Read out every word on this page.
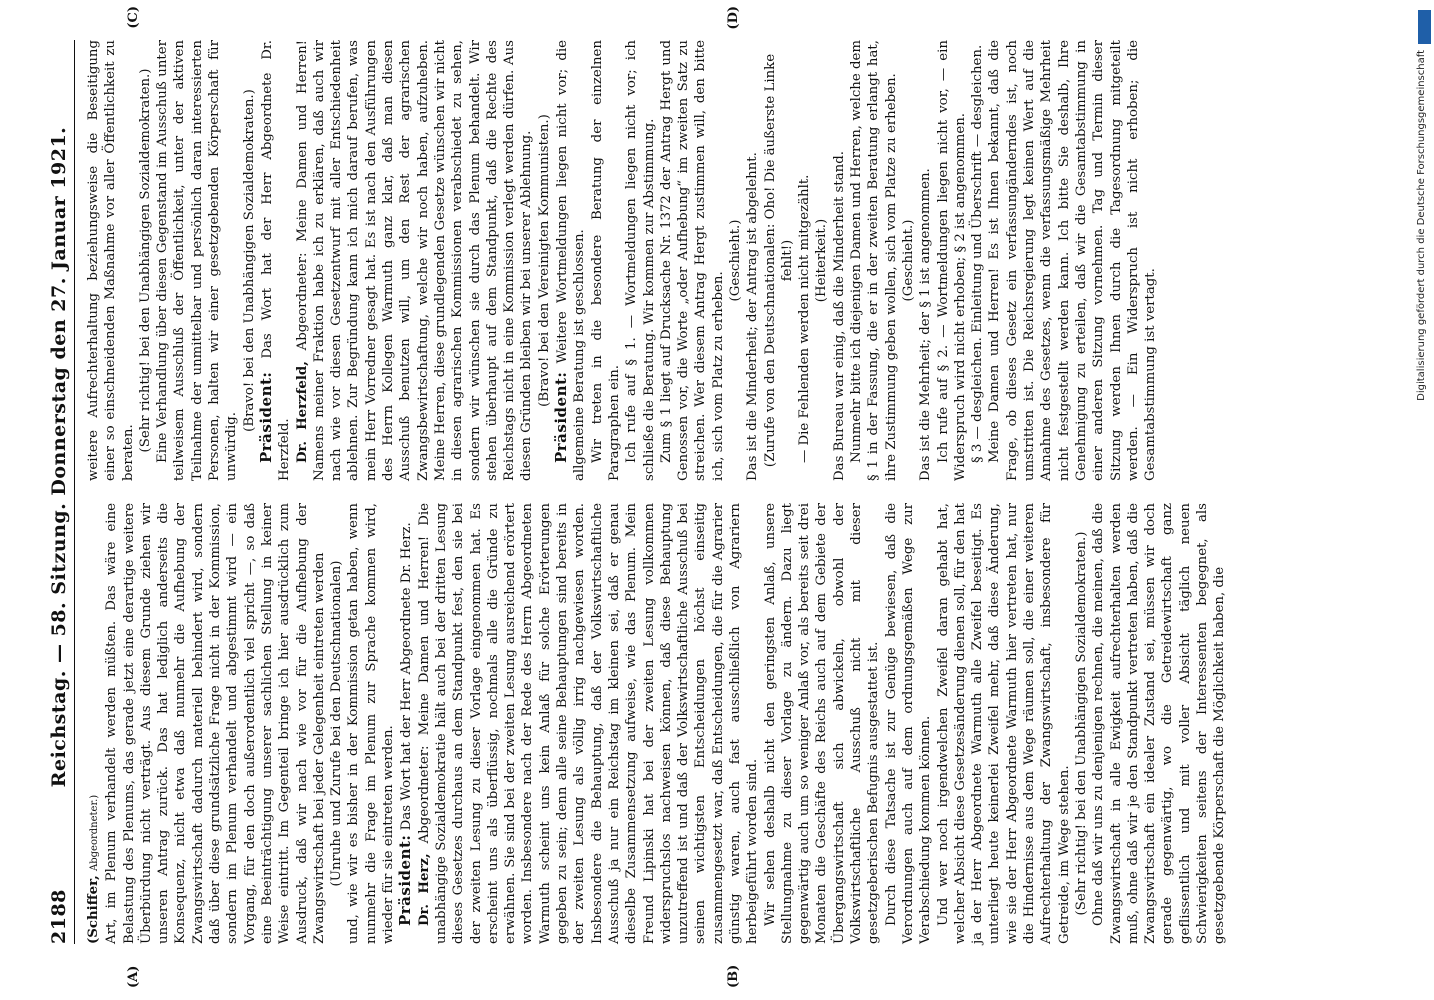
2188
Reichstag. — 58. Sitzung. Donnerstag den 27. Januar 1921.
(A)	(B)

(Schiffer, Abgeordneter.) Art, im Plenum verhandelt werden müßten. Das wäre eine Belastung des Plenums, das gerade jetzt eine derartige weitere Überbürdung nicht verträgt. Aus diesem Grunde ziehen wir unseren Antrag zurück. Das hat lediglich anderseits die Konsequenz, nicht etwa daß nunmehr die Aufhebung der Zwangswirtschaft dadurch materiell behindert wird, sondern daß über diese grundsätzliche Frage nicht in der Kommission, sondern im Plenum verhandelt und abgestimmt wird — ein Vorgang, für den doch außerordentlich viel spricht —, so daß eine Beeinträchtigung unserer sachlichen Stellung in keiner Weise eintritt. Im Gegenteil bringe ich hier ausdrücklich zum Ausdruck, daß wir nach wie vor für die Aufhebung der Zwangswirtschaft bei jeder Gelegenheit eintreten werden (Unruhe und Zurufe bei den Deutschnationalen) und, wie wir es bisher in der Kommission getan haben, wenn nunmehr die Frage im Plenum zur Sprache kommen wird, wieder für sie eintreten werden. Präsident: Das Wort hat der Herr Abgeordnete Dr. Herz.

Dr. Herz, Abgeordneter: Meine Damen und Herren! Die unabhängige Sozialdemokratie hält auch bei der dritten Lesung dieses Gesetzes durchaus an dem Standpunkt fest, den sie bei der zweiten Lesung zu dieser Vorlage eingenommen hat. Es erscheint uns als überflüssig, nochmals alle die Gründe zu erwähnen. Sie sind bei der zweiten Lesung ausreichend erörtert worden. Insbesondere nach der Rede des Herrn Abgeordneten Warmuth scheint uns kein Anlaß für solche Erörterungen gegeben zu sein; denn alle seine Behauptungen sind bereits in der zweiten Lesung als völlig irrig nachgewiesen worden. Insbesondere die Behauptung, daß der Volkswirtschaftliche Ausschuß ja nur ein Reichstag im kleinen sei, daß er genau dieselbe Zusammensetzung aufweise, wie das Plenum. Mein Freund Lipinski hat bei der zweiten Lesung vollkommen widerspruchslos nachweisen können, daß diese Behauptung unzutreffend ist und daß der Volkswirtschaftliche Ausschuß bei seinen wichtigsten Entscheidungen höchst einseitig zusammengesetzt war, daß Entscheidungen, die für die Agrarier günstig waren, auch fast ausschließlich von Agrariern herbeigeführt worden sind. Wir sehen deshalb nicht den geringsten Anlaß, unsere Stellungnahme zu dieser Vorlage zu ändern. Dazu liegt gegenwärtig auch um so weniger Anlaß vor, als bereits seit drei Monaten die Geschäfte des Reichs auch auf dem Gebiete der Übergangswirtschaft sich abwickeln, obwohl der Volkswirtschaftliche Ausschuß nicht mit dieser gesetzgeberischen Befugnis ausgestattet ist. Durch diese Tatsache ist zur Genüge bewiesen, daß die Verordnungen auch auf dem ordnungsgemäßen Wege zur Verabschiedung kommen können. Und wer noch irgendwelchen Zweifel daran gehabt hat, welcher Absicht diese Gesetzesänderung dienen soll, für den hat ja der Herr Abgeordnete Warmuth alle Zweifel beseitigt. Es unterliegt heute keinerlei Zweifel mehr, daß diese Änderung, wie sie der Herr Abgeordnete Warmuth hier vertreten hat, nur die Hindernisse aus dem Wege räumen soll, die einer weiteren Aufrechterhaltung der Zwangswirtschaft, insbesondere für Getreide, im Wege stehen. (Sehr richtig! bei den Unabhängigen Sozialdemokraten.) Ohne daß wir uns zu denjenigen rechnen, die meinen, daß die Zwangswirtschaft in alle Ewigkeit aufrechterhalten werden muß, ohne daß wir je den Standpunkt vertreten haben, daß die Zwangswirtschaft ein idealer Zustand sei, müssen wir doch gerade gegenwärtig, wo die Getreidewirtschaft ganz geflissentlich und mit voller Absicht täglich neuen Schwierigkeiten seitens der Interessenten begegnet, als gesetzgebende Körperschaft die Möglichkeit haben, die

(C)	(D)

weitere Aufrechterhaltung beziehungsweise die Beseitigung einer so einschneidenden Maßnahme vor aller Öffentlichkeit zu beraten.

(Sehr richtig! bei den Unabhängigen Sozialdemokraten.) Eine Verhandlung über diesen Gegenstand im Ausschuß unter teilweisem Ausschluß der Öffentlichkeit, unter der aktiven Teilnahme der unmittelbar und persönlich daran interessierten Personen, halten wir einer gesetzgebenden Körperschaft für unwürdig.

(Bravo! bei den Unabhängigen Sozialdemokraten.) Präsident: Das Wort hat der Herr Abgeordnete Dr. Herzfeld. Dr. Herzfeld, Abgeordneter: Meine Damen und Herren! Namens meiner Fraktion habe ich zu erklären, daß auch wir nach wie vor diesen Gesetzentwurf mit aller Entschiedenheit ablehnen. Zur Begründung kann ich mich darauf berufen, was mein Herr Vorredner gesagt hat. Es ist nach den Ausführungen des Herrn Kollegen Warmuth ganz klar, daß man diesen Ausschuß benutzen will, um den Rest der agrarischen Zwangsbewirtschaftung, welche wir noch haben, aufzuheben. Meine Herren, diese grundlegenden Gesetze wünschen wir nicht in diesen agrarischen Kommissionen verabschiedet zu sehen, sondern wir wünschen sie durch das Plenum behandelt. Wir stehen überhaupt auf dem Standpunkt, daß die Rechte des Reichstags nicht in eine Kommission verlegt werden dürfen. Aus diesen Gründen bleiben wir bei unserer Ablehnung. (Bravo! bei den Vereinigten Kommunisten.)

Präsident: Weitere Wortmeldungen liegen nicht vor; die allgemeine Beratung ist geschlossen. Wir treten in die besondere Beratung der einzelnen Paragraphen ein. Ich rufe auf § 1. — Wortmeldungen liegen nicht vor; ich schließe die Beratung. Wir kommen zur Abstimmung. Zum § 1 liegt auf Drucksache Nr. 1372 der Antrag Hergt und Genossen vor, die Worte „oder Aufhebung“ im zweiten Satz zu streichen. Wer diesem Antrag Hergt zustimmen will, den bitte ich, sich vom Platz zu erheben.

(Geschieht.) Das ist die Minderheit; der Antrag ist abgelehnt. (Zurufe von den Deutschnationalen: Oho! Die äußerste Linke fehlt!) — Die Fehlenden werden nicht mitgezählt. (Heiterkeit.) Das Bureau war einig, daß die Minderheit stand. Nunmehr bitte ich diejenigen Damen und Herren, welche dem § 1 in der Fassung, die er in der zweiten Beratung erlangt hat, ihre Zustimmung geben wollen, sich vom Platze zu erheben. (Geschieht.) Das ist die Mehrheit; der § 1 ist angenommen. Ich rufe auf § 2. — Wortmeldungen liegen nicht vor, — ein Widerspruch wird nicht erhoben; § 2 ist angenommen. § 3 — desgleichen. Einleitung und Überschrift — desgleichen. Meine Damen und Herren! Es ist Ihnen bekannt, daß die Frage, ob dieses Gesetz ein verfassungänderndes ist, noch umstritten ist. Die Reichsregierung legt keinen Wert auf die Annahme des Gesetzes, wenn die verfassungsmäßige Mehrheit nicht festgestellt werden kann. Ich bitte Sie deshalb, Ihre Genehmigung zu erteilen, daß wir die Gesamtabstimmung in einer anderen Sitzung vornehmen. Tag und Termin dieser Sitzung werden Ihnen durch die Tagesordnung mitgeteilt werden. — Ein Widerspruch ist nicht erhoben; die Gesamtabstimmung ist vertagt.	Digitalisierung gefördert durch die Deutsche Forschungsgemeinschaft
